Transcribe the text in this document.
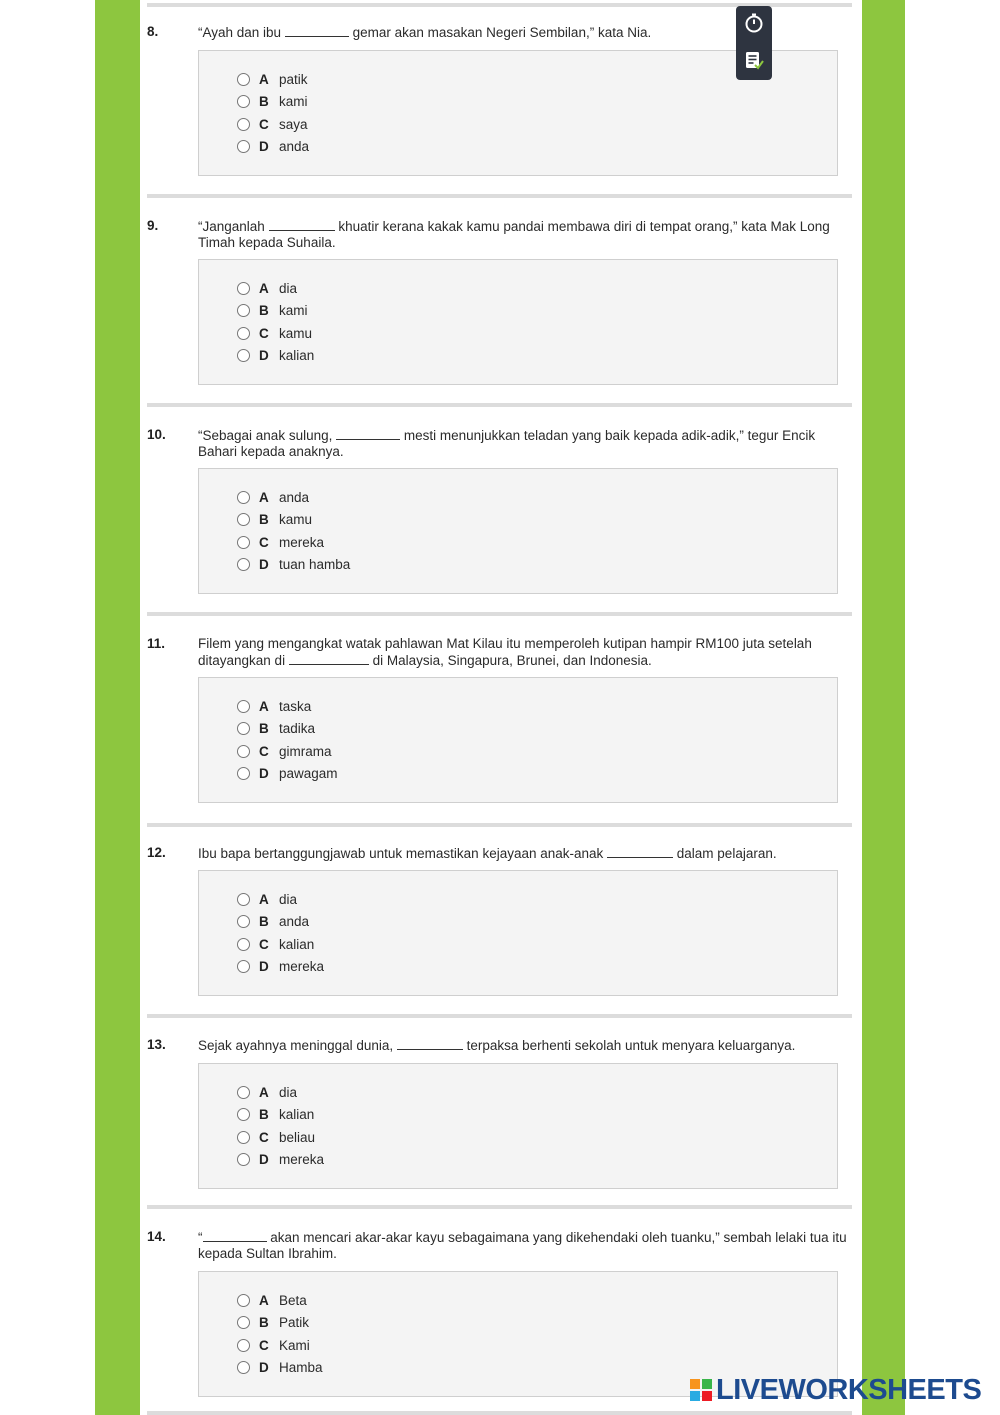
8.	“Ayah dan ibu	gemar akan masakan Negeri Sembilan,” kata Nia.
A patik
B kami
C saya
D anda
9.	“Janganlah	khuatir kerana kakak kamu pandai membawa diri di tempat orang,” kata Mak Long Timah kepada Suhaila.
A dia
B kami
C kamu
D kalian
10. “Sebagai anak sulung,	mesti menunjukkan teladan yang baik kepada adik-adik,” tegur Encik Bahari kepada anaknya.
A anda
B kamu
C mereka
D tuan hamba
11. Filem yang mengangkat watak pahlawan Mat Kilau itu memperoleh kutipan hampir RM100 juta setelah ditayangkan di	di Malaysia, Singapura, Brunei, dan Indonesia.
A taska
B tadika
C gimrama
D pawagam
12. Ibu bapa bertanggungjawab untuk memastikan kejayaan anak-anak	dalam pelajaran.
A dia
B anda
C kalian
D mereka
13. Sejak ayahnya meninggal dunia,	terpaksa berhenti sekolah untuk menyara keluarganya.
A dia
B kalian
C beliau
D mereka
14. “	akan mencari akar-akar kayu sebagaimana yang dikehendaki oleh tuanku,” sembah lelaki tua itu kepada Sultan Ibrahim.
A Beta
B Patik
C Kami
D Hamba
LIVEWORKSHEETS
